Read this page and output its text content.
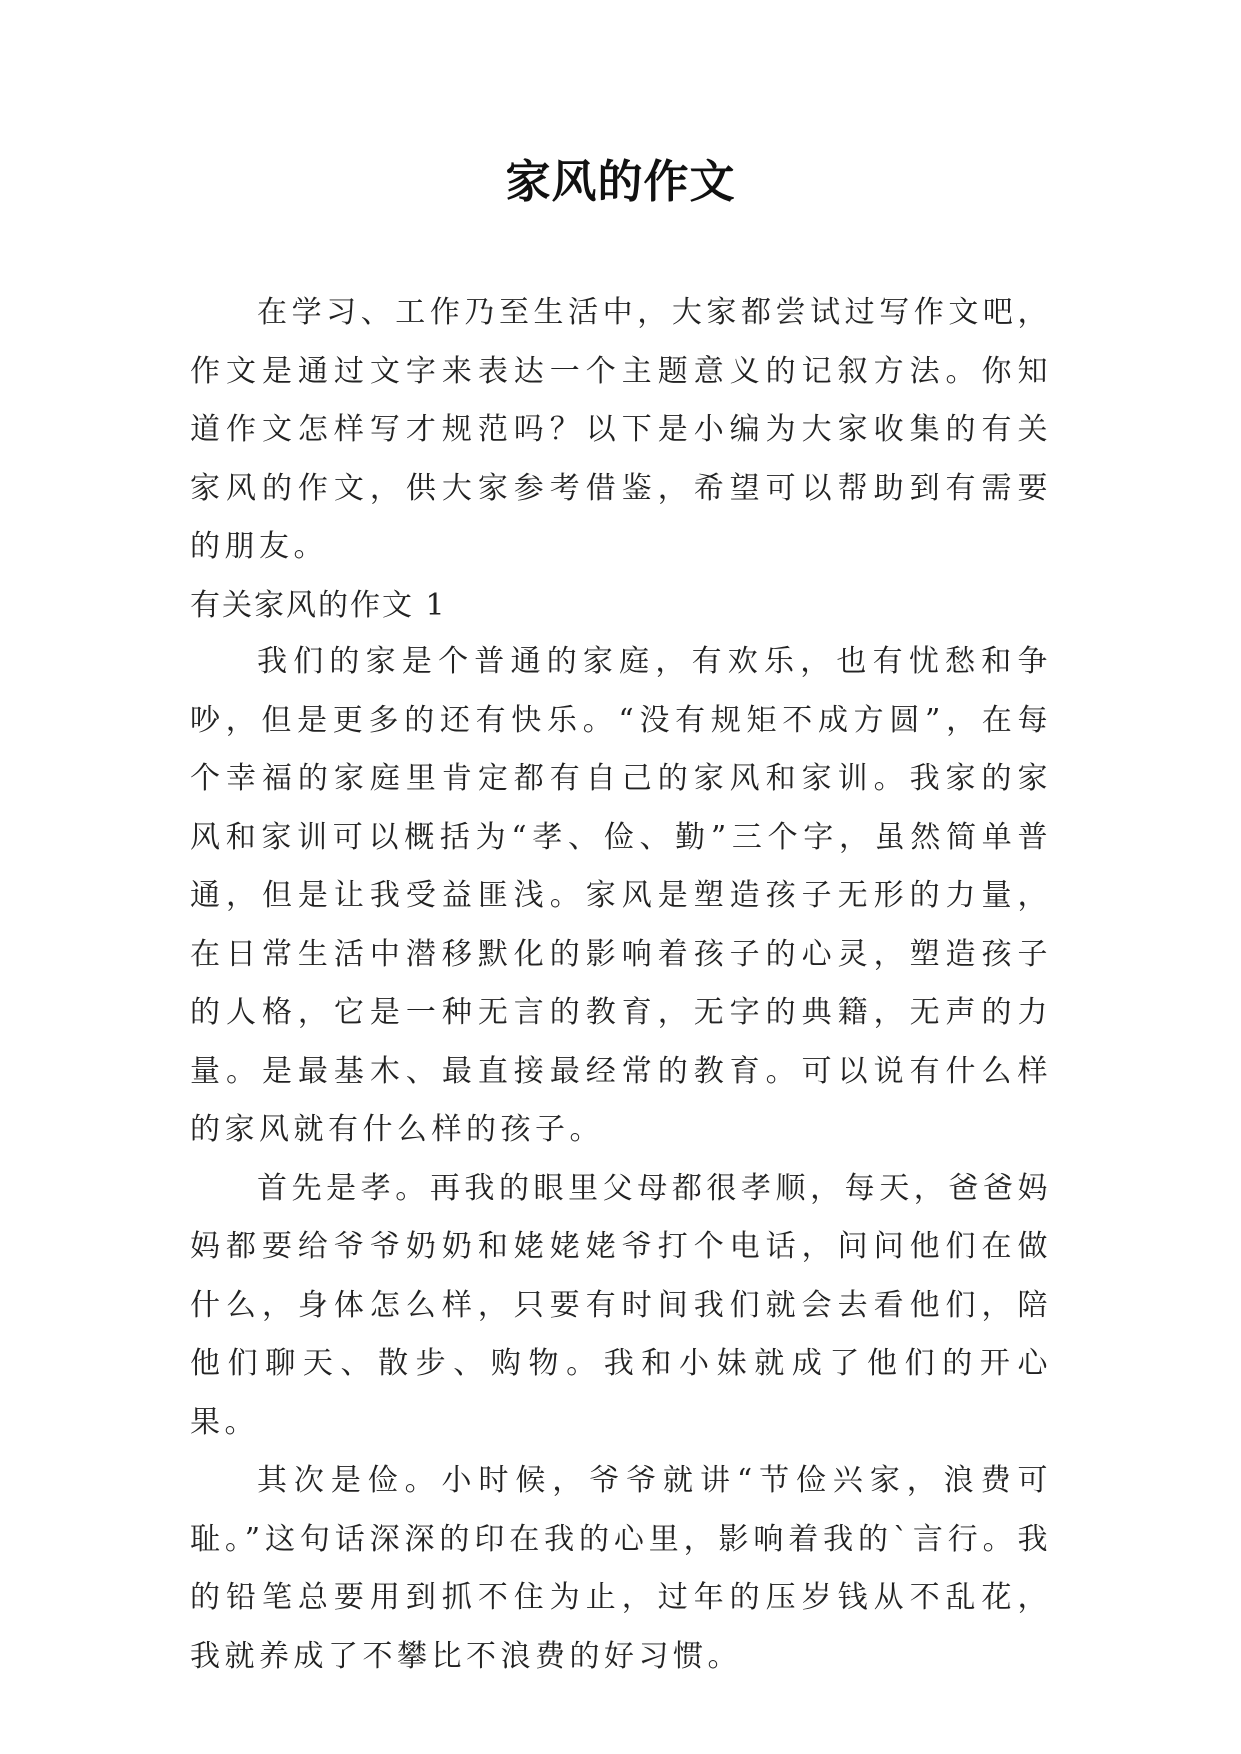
家风的作文

在学习、工作乃至生活中，大家都尝试过写作文吧，作文是通过文字来表达一个主题意义的记叙方法。你知道作文怎样写才规范吗？以下是小编为大家收集的有关家风的作文，供大家参考借鉴，希望可以帮助到有需要的朋友。

有关家风的作文 1

我们的家是个普通的家庭，有欢乐，也有忧愁和争吵，但是更多的还有快乐。“没有规矩不成方圆”，在每个幸福的家庭里肯定都有自己的家风和家训。我家的家风和家训可以概括为“孝、俭、勤”三个字，虽然简单普通，但是让我受益匪浅。家风是塑造孩子无形的力量，在日常生活中潜移默化的影响着孩子的心灵，塑造孩子的人格，它是一种无言的教育，无字的典籍，无声的力量。是最基木、最直接最经常的教育。可以说有什么样的家风就有什么样的孩子。

首先是孝。再我的眼里父母都很孝顺，每天，爸爸妈妈都要给爷爷奶奶和姥姥姥爷打个电话，问问他们在做什么，身体怎么样，只要有时间我们就会去看他们，陪他们聊天、散步、购物。我和小妹就成了他们的开心果。

其次是俭。小时候，爷爷就讲“节俭兴家，浪费可耻。”这句话深深的印在我的心里，影响着我的`言行。我的铅笔总要用到抓不住为止，过年的压岁钱从不乱花，我就养成了不攀比不浪费的好习惯。
